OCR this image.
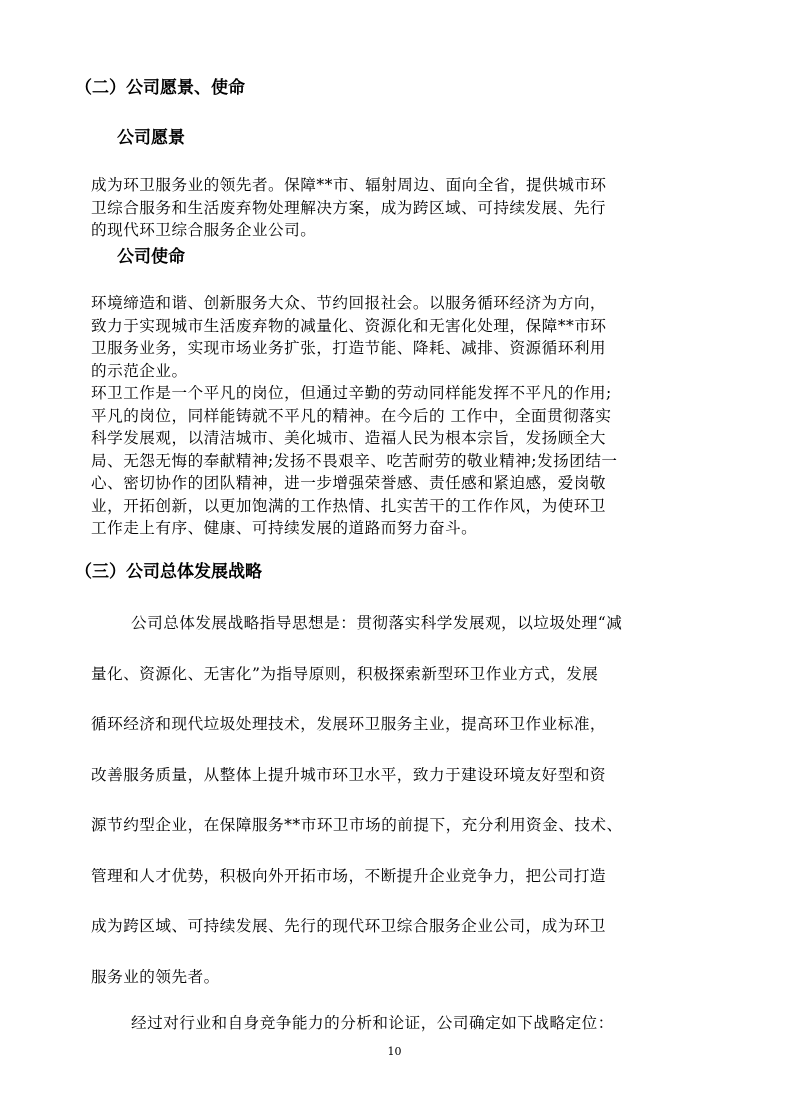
（二）公司愿景、使命
公司愿景
成为环卫服务业的领先者。保障**市、辐射周边、面向全省，提供城市环
卫综合服务和生活废弃物处理解决方案，成为跨区域、可持续发展、先行
的现代环卫综合服务企业公司。
公司使命
环境缔造和谐、创新服务大众、节约回报社会。以服务循环经济为方向，
致力于实现城市生活废弃物的减量化、资源化和无害化处理，保障**市环
卫服务业务，实现市场业务扩张，打造节能、降耗、减排、资源循环利用
的示范企业。
环卫工作是一个平凡的岗位，但通过辛勤的劳动同样能发挥不平凡的作用;
平凡的岗位，同样能铸就不平凡的精神。在今后的 工作中，全面贯彻落实
科学发展观，以清洁城市、美化城市、造福人民为根本宗旨，发扬顾全大
局、无怨无悔的奉献精神;发扬不畏艰辛、吃苦耐劳的敬业精神;发扬团结一
心、密切协作的团队精神，进一步增强荣誉感、责任感和紧迫感，爱岗敬
业，开拓创新，以更加饱满的工作热情、扎实苦干的工作作风，为使环卫
工作走上有序、健康、可持续发展的道路而努力奋斗。
（三）公司总体发展战略
公司总体发展战略指导思想是：贯彻落实科学发展观，以垃圾处理“减
量化、资源化、无害化”为指导原则，积极探索新型环卫作业方式，发展
循环经济和现代垃圾处理技术，发展环卫服务主业，提高环卫作业标准，
改善服务质量，从整体上提升城市环卫水平，致力于建设环境友好型和资
源节约型企业，在保障服务**市环卫市场的前提下，充分利用资金、技术、
管理和人才优势，积极向外开拓市场，不断提升企业竞争力，把公司打造
成为跨区域、可持续发展、先行的现代环卫综合服务企业公司，成为环卫
服务业的领先者。
经过对行业和自身竞争能力的分析和论证，公司确定如下战略定位：
10
